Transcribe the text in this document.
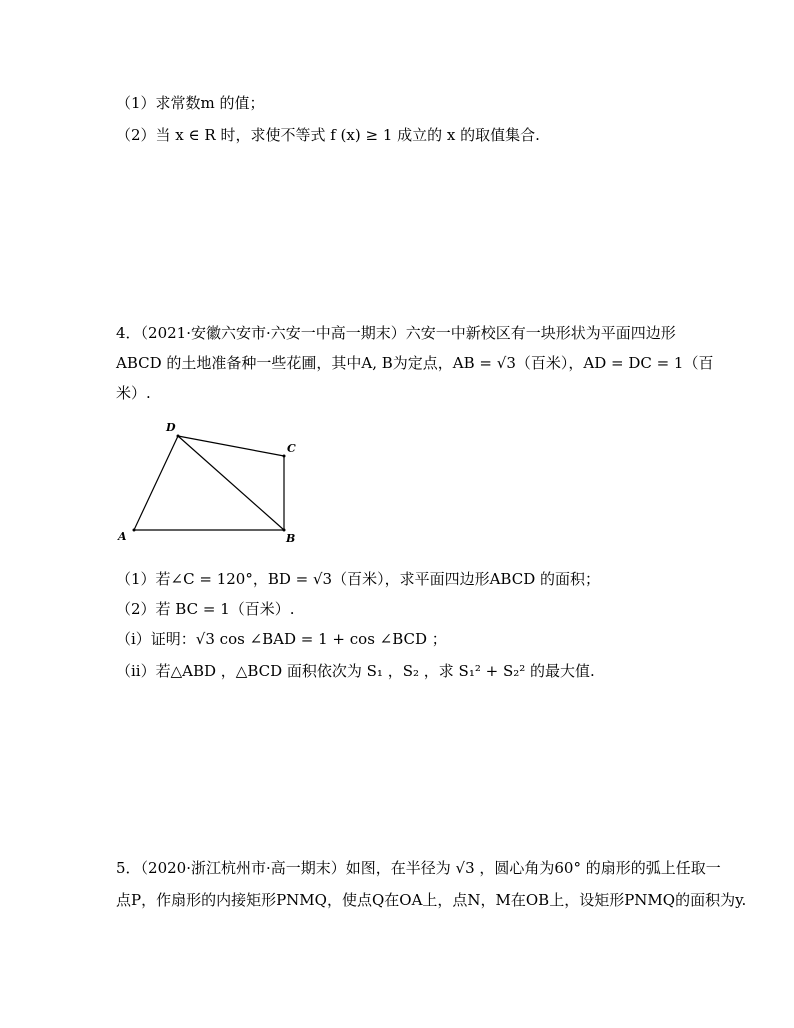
（1）求常数m 的值；
（2）当 x ∈ R 时，求使不等式 f (x) ≥ 1 成立的 x 的取值集合.
4．（2021·安徽六安市·六安一中高一期末）六安一中新校区有一块形状为平面四边形
ABCD 的土地准备种一些花圃，其中A, B为定点，AB = √3（百米），AD = DC = 1（百
米）.
D
C
A	B
（1）若∠C = 120°，BD = √3（百米），求平面四边形ABCD 的面积；
（2）若 BC = 1（百米）.
（i）证明：√3 cos ∠BAD = 1 + cos ∠BCD ；
（ii）若△ABD ，△BCD 面积依次为 S₁ ，S₂ ，求 S₁² + S₂² 的最大值.
5．（2020·浙江杭州市·高一期末）如图，在半径为 √3 ，圆心角为60° 的扇形的弧上任取一
点P，作扇形的内接矩形PNMQ，使点Q在OA上，点N，M在OB上，设矩形PNMQ的面积为y.
